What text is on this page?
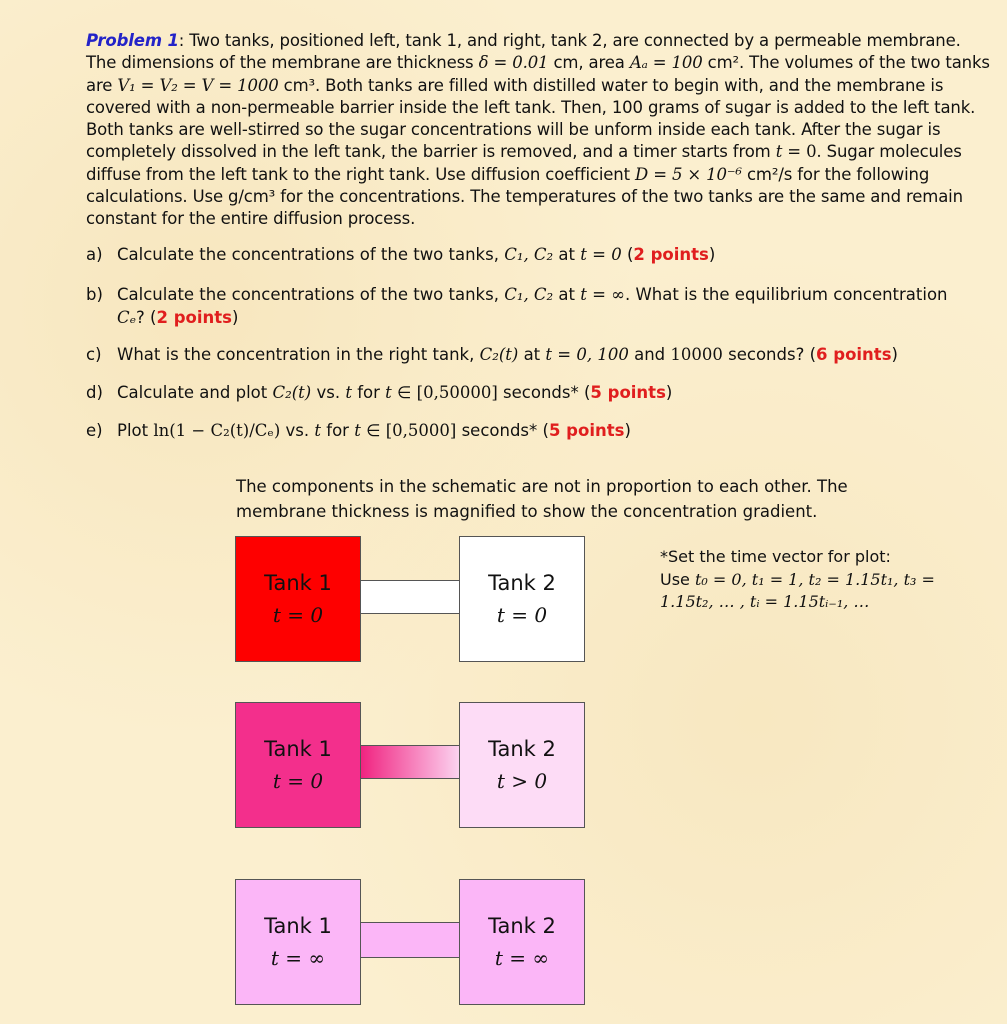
Problem 1: Two tanks, positioned left, tank 1, and right, tank 2, are connected by a permeable membrane. The dimensions of the membrane are thickness δ = 0.01 cm, area Aₐ = 100 cm². The volumes of the two tanks are V₁ = V₂ = V = 1000 cm³. Both tanks are filled with distilled water to begin with, and the membrane is covered with a non-permeable barrier inside the left tank. Then, 100 grams of sugar is added to the left tank. Both tanks are well-stirred so the sugar concentrations will be unform inside each tank. After the sugar is completely dissolved in the left tank, the barrier is removed, and a timer starts from t = 0. Sugar molecules diffuse from the left tank to the right tank. Use diffusion coefficient D = 5 × 10⁻⁶ cm²/s for the following calculations. Use g/cm³ for the concentrations. The temperatures of the two tanks are the same and remain constant for the entire diffusion process.
a) Calculate the concentrations of the two tanks, C₁, C₂ at t = 0 (2 points)
b) Calculate the concentrations of the two tanks, C₁, C₂ at t = ∞. What is the equilibrium concentration
Cₑ? (2 points)
c) What is the concentration in the right tank, C₂(t) at t = 0, 100 and 10000 seconds? (6 points)
d) Calculate and plot C₂(t) vs. t for t ∈ [0,50000] seconds* (5 points)
e) Plot ln(1 − C₂(t)/Cₑ) vs. t for t ∈ [0,5000] seconds* (5 points)
The components in the schematic are not in proportion to each other. The
membrane thickness is magnified to show the concentration gradient.
*Set the time vector for plot:
Use t₀ = 0, t₁ = 1, t₂ = 1.15t₁, t₃ =
1.15t₂, … , tᵢ = 1.15tᵢ₋₁, …
Tank 1
t = 0
Tank 2
t = 0
Tank 1
t = 0
Tank 2
t > 0
Tank 1
t = ∞
Tank 2
t = ∞
